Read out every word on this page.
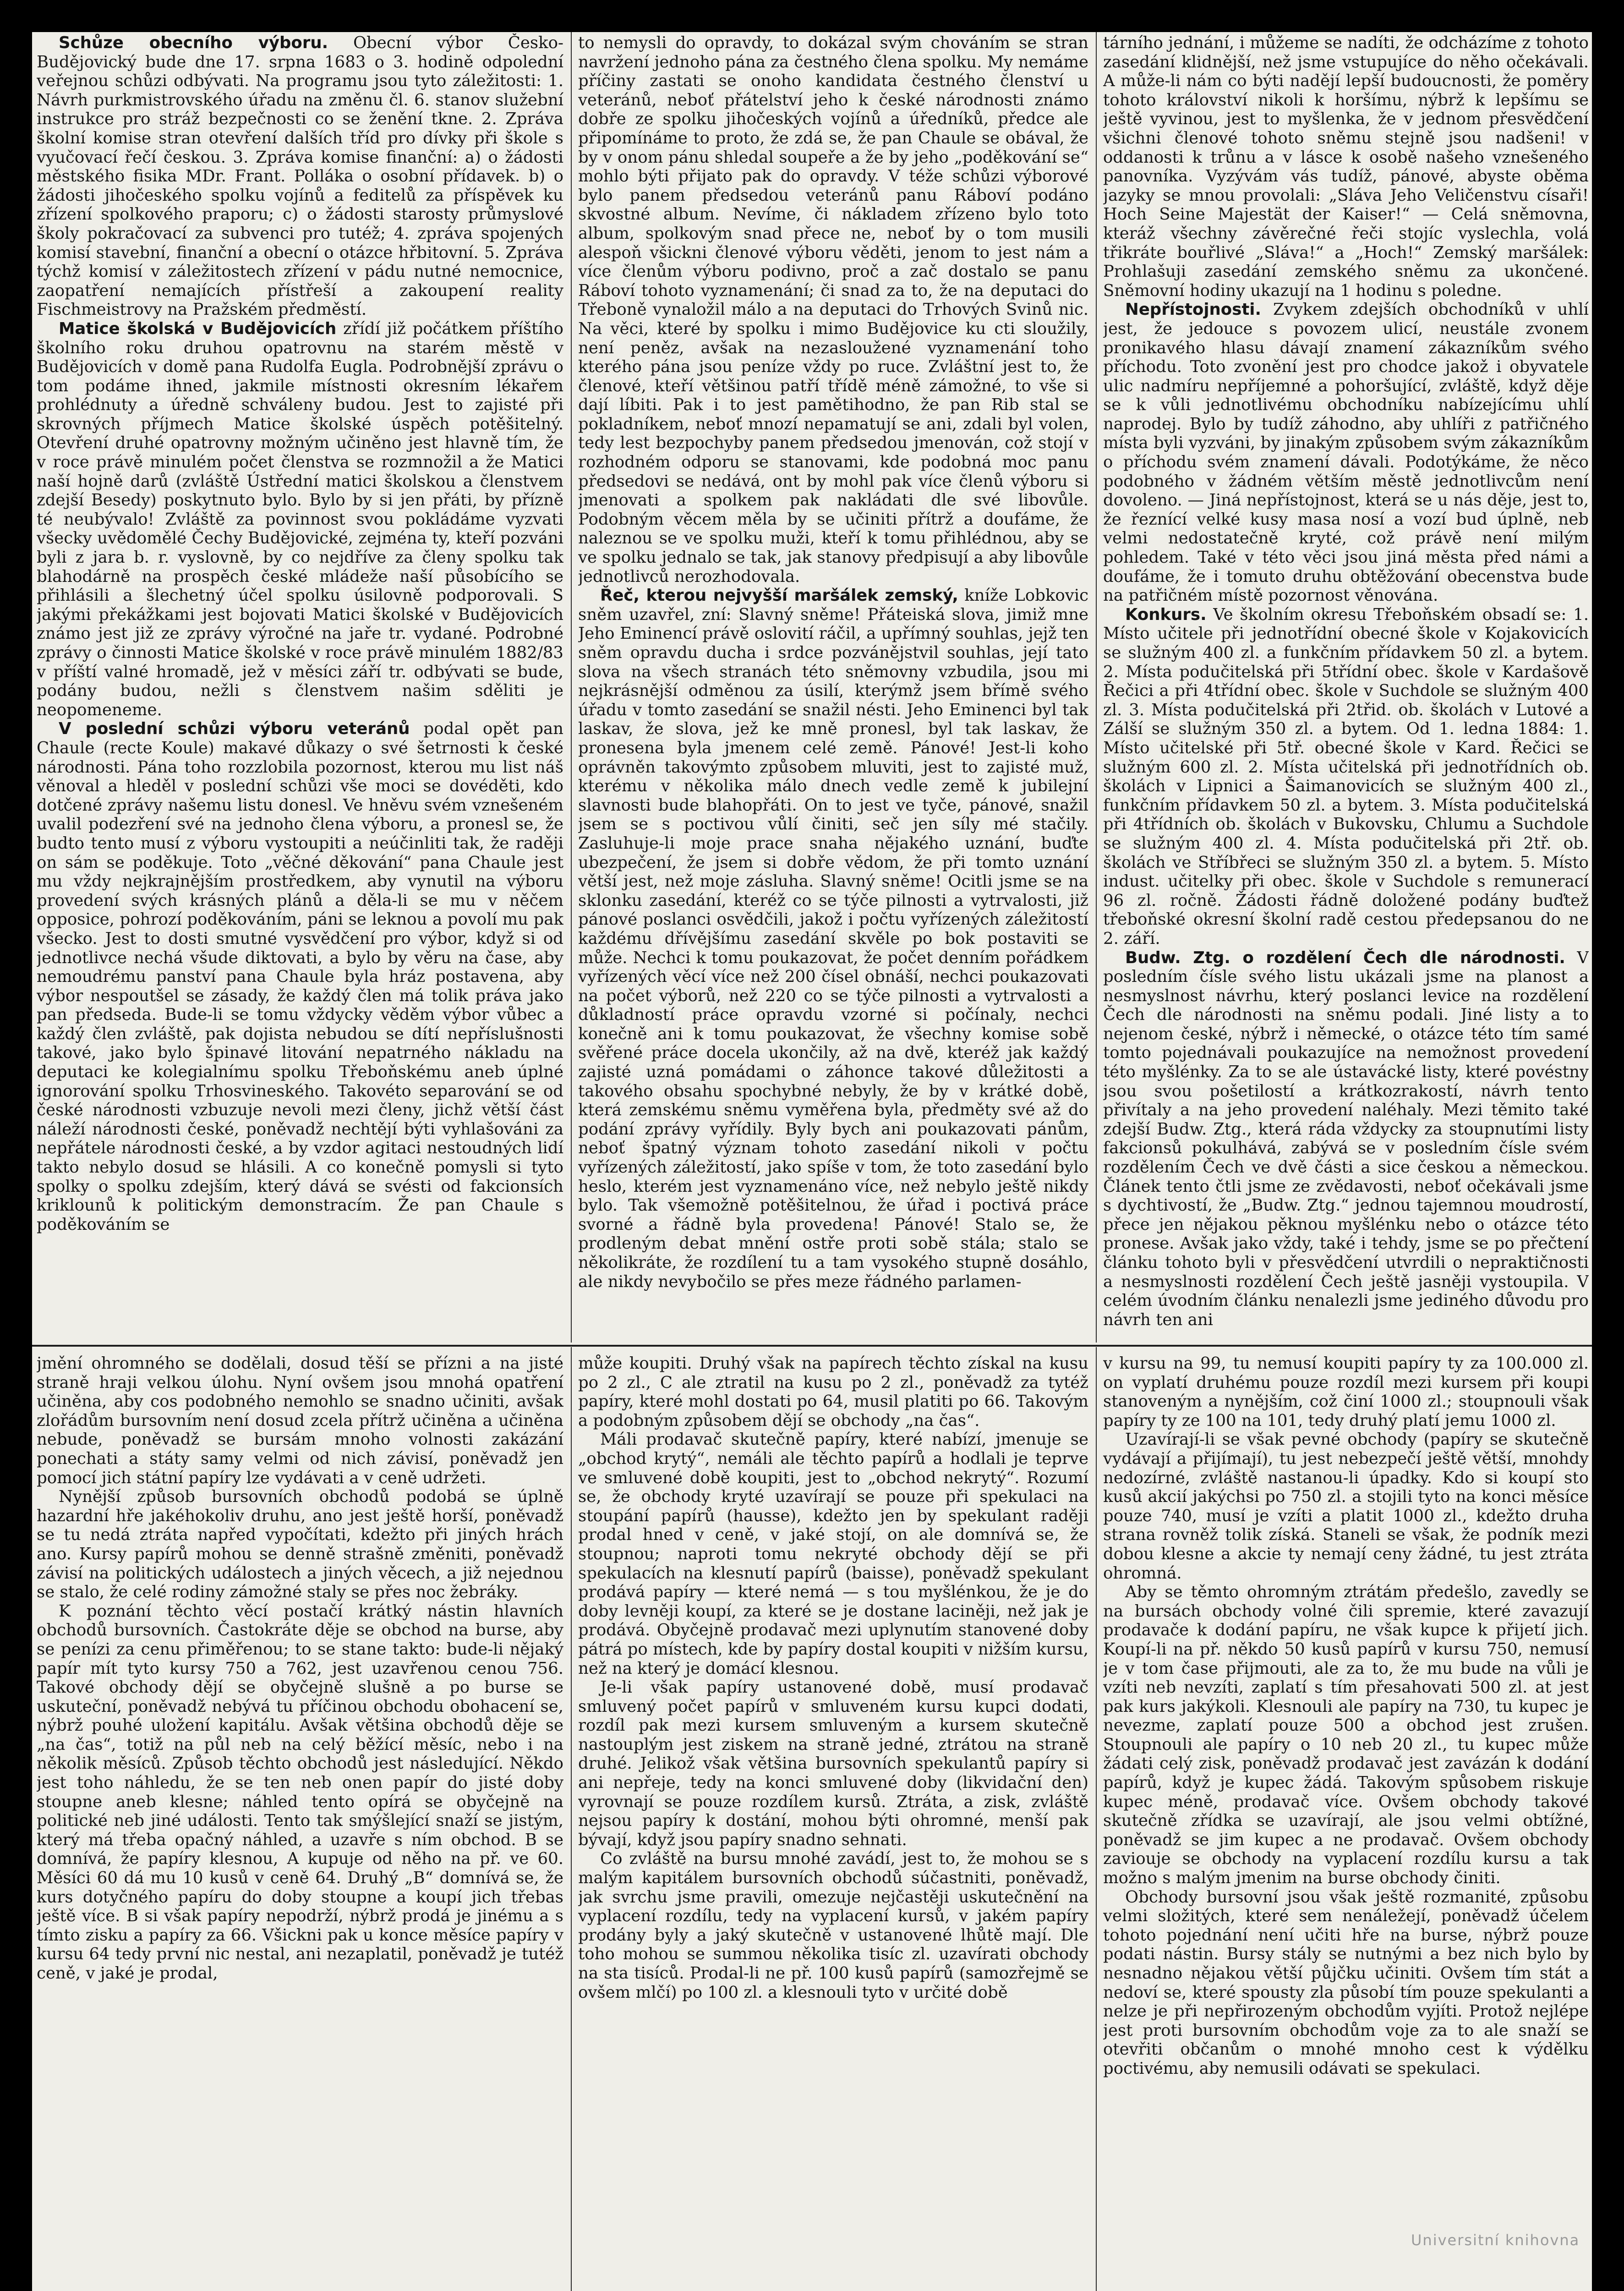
Schůze obecního výboru. Obecní výbor Česko-Budějovický bude dne 17. srpna 1683 o 3. hodině odpolední veřejnou schůzi odbývati. Na programu jsou tyto záležitosti: 1. Návrh purkmistrovského úřadu na změnu čl. 6. stanov služební instrukce pro stráž bezpečnosti co se ženění tkne. 2. Zpráva školní komise stran otevření dalších tříd pro dívky při škole s vyučovací řečí českou. 3. Zpráva komise finanční: a) o žádosti městského fisika MDr. Frant. Polláka o osobní přídavek. b) o žádosti jihočeského spolku vojínů a feditelů za příspěvek ku zřízení spolkového praporu; c) o žádosti starosty průmyslové školy pokračovací za subvenci pro tutéž; 4. zpráva spojených komisí stavební, finanční a obecní o otázce hřbitovní. 5. Zpráva týchž komisí v záležitostech zřízení v pádu nutné nemocnice, zaopatření nemajících přístřeší a zakoupení reality Fischmeistrovy na Pražském předměstí.

Matice školská v Budějovicích zřídí již počátkem příštího školního roku druhou opatrovnu na starém městě v Budějovicích v domě pana Rudolfa Eugla. Podrobnější zprávu o tom podáme ihned, jakmile místnosti okresním lékařem prohlédnuty a úředně schváleny budou. Jest to zajisté při skrovných příjmech Matice školské úspěch potěšitelný. Otevření druhé opatrovny možným učiněno jest hlavně tím, že v roce právě minulém počet členstva se rozmnožil a že Matici naší hojně darů (zvláště Ústřední matici školskou a členstvem zdejší Besedy) poskytnuto bylo. Bylo by si jen přáti, by přízně té neubývalo! Zvláště za povinnost svou pokládáme vyzvati všecky uvědomělé Čechy Budějovické, zejména ty, kteří pozváni byli z jara b. r. vyslovně, by co nejdříve za členy spolku tak blahodárně na prospěch české mládeže naší působícího se přihlásili a šlechetný účel spolku úsilovně podporovali. S jakými překážkami jest bojovati Matici školské v Budějovicích známo jest již ze zprávy výročné na jaře tr. vydané. Podrobné zprávy o činnosti Matice školské v roce právě minulém 1882/83 v příští valné hromadě, jež v měsíci září tr. odbývati se bude, podány budou, nežli s členstvem našim sděliti je neopomeneme.

V poslední schůzi výboru veteránů podal opět pan Chaule (recte Koule) makavé důkazy o své šetrnosti k české národnosti. Pána toho rozzlobila pozornost, kterou mu list náš věnoval a hleděl v poslední schůzi vše moci se dovéděti, kdo dotčené zprávy našemu listu donesl. Ve hněvu svém vznešeném uvalil podezření své na jednoho člena výboru, a pronesl se, že budto tento musí z výboru vystoupiti a neúčinliti tak, že raději on sám se poděkuje. Toto „věčné děkování“ pana Chaule jest mu vždy nejkrajnějším prostředkem, aby vynutil na výboru provedení svých krásných plánů a děla-li se mu v něčem opposice, pohrozí poděkováním, páni se leknou a povolí mu pak všecko. Jest to dosti smutné vysvědčení pro výbor, když si od jednotlivce nechá všude diktovati, a bylo by věru na čase, aby nemoudrému panství pana Chaule byla hráz postavena, aby výbor nespoutšel se zásady, že každý člen má tolik práva jako pan předseda. Bude-li se tomu vždycky věděm výbor vůbec a každý člen zvláště, pak dojista nebudou se dítí nepříslušnosti takové, jako bylo špinavé litování nepatrného nákladu na deputaci ke kolegialnímu spolku Třeboňskému aneb úplné ignorování spolku Trhosvineského. Takovéto separování se od české národnosti vzbuzuje nevoli mezi členy, jichž větší část náleží národnosti české, poněvadž nechtějí býti vyhlašováni za nepřátele národnosti české, a by vzdor agitaci nestoudných lidí takto nebylo dosud se hlásili. A co konečně pomysli si tyto spolky o spolku zdejším, který dává se svésti od fakcionsích kriklounů k politickým demonstracím. Že pan Chaule s poděkováním se

to nemysli do opravdy, to dokázal svým chováním se stran navržení jednoho pána za čestného člena spolku. My nemáme příčiny zastati se onoho kandidata čestného členství u veteránů, neboť přátelství jeho k české národnosti známo dobře ze spolku jihočeských vojínů a úředníků, předce ale připomínáme to proto, že zdá se, že pan Chaule se obával, že by v onom pánu shledal soupeře a že by jeho „poděkování se“ mohlo býti přijato pak do opravdy. V téže schůzi výborové bylo panem předsedou veteránů panu Ráboví podáno skvostné album. Nevíme, či nákladem zřízeno bylo toto album, spolkovým snad přece ne, neboť by o tom musili alespoň všickni členové výboru věděti, jenom to jest nám a více členům výboru podivno, proč a zač dostalo se panu Ráboví tohoto vyznamenání; či snad za to, že na deputaci do Třeboně vynaložil málo a na deputaci do Trhových Svinů nic. Na věci, které by spolku i mimo Budějovice ku cti sloužily, není peněz, avšak na nezasloužené vyznamenání toho kterého pána jsou peníze vždy po ruce. Zvláštní jest to, že členové, kteří většinou patří třídě méně zámožné, to vše si dají líbiti. Pak i to jest pamětihodno, že pan Rib stal se pokladníkem, neboť mnozí nepamatují se ani, zdali byl volen, tedy lest bezpochyby panem předsedou jmenován, což stojí v rozhodném odporu se stanovami, kde podobná moc panu předsedovi se nedává, ont by mohl pak více členů výboru si jmenovati a spolkem pak nakládati dle své libovůle. Podobným věcem měla by se učiniti přítrž a doufáme, že naleznou se ve spolku muži, kteří k tomu přihlédnou, aby se ve spolku jednalo se tak, jak stanovy předpisují a aby libovůle jednotlivců nerozhodovala.

Řeč, kterou nejvyšší maršálek zemský, kníže Lobkovic sněm uzavřel, zní: Slavný sněme! Přáteiská slova, jimiž mne Jeho Eminencí právě oslovití ráčil, a upřímný souhlas, jejž ten sněm opravdu ducha i srdce pozvánějstvil souhlas, její tato slova na všech stranách této sněmovny vzbudila, jsou mi nejkrásnější odměnou za úsilí, kterýmž jsem břímě svého úřadu v tomto zasedání se snažil nésti. Jeho Eminenci byl tak laskav, že slova, jež ke mně pronesl, byl tak laskav, že pronesena byla jmenem celé země. Pánové! Jest-li koho oprávněn takovýmto způsobem mluviti, jest to zajisté muž, kterému v několika málo dnech vedle země k jubilejní slavnosti bude blahopřáti. On to jest ve tyče, pánové, snažil jsem se s poctivou vůlí činiti, seč jen síly mé stačily. Zasluhuje-li moje prace snaha nějakého uznání, buďte ubezpečení, že jsem si dobře vědom, že při tomto uznání větší jest, než moje zásluha. Slavný sněme! Ocitli jsme se na sklonku zasedání, kteréž co se týče pilnosti a vytrvalosti, již pánové poslanci osvědčili, jakož i počtu vyřízených záležitostí každému dřívějšímu zasedání skvěle po bok postaviti se může. Nechci k tomu poukazovat, že počet denním pořádkem vyřízených věcí více než 200 čísel obnáší, nechci poukazovati na počet výborů, než 220 co se týče pilnosti a vytrvalosti a důkladností práce opravdu vzorné si počínaly, nechci konečně ani k tomu poukazovat, že všechny komise sobě svěřené práce docela ukončily, až na dvě, kteréž jak každý zajisté uzná pomádami o záhonce takové důležitosti a takového obsahu spochybné nebyly, že by v krátké době, která zemskému sněmu vyměřena byla, předměty své až do podání zprávy vyřídily. Byly bych ani poukazovati pánům, neboť špatný význam tohoto zasedání nikoli v počtu vyřízených záležitostí, jako spíše v tom, že toto zasedání bylo heslo, kterém jest vyznamenáno více, než nebylo ještě nikdy bylo. Tak všemožně potěšitelnou, že úřad i poctivá práce svorné a řádně byla provedena! Pánové! Stalo se, že prodleným debat mnění ostře proti sobě stála; stalo se několikráte, že rozdílení tu a tam vysokého stupně dosáhlo, ale nikdy nevybočilo se přes meze řádného parlamen-

tárního jednání, i můžeme se nadíti, že odcházíme z tohoto zasedání klidnější, než jsme vstupujíce do něho očekávali. A může-li nám co býti nadějí lepší budoucnosti, že poměry tohoto království nikoli k horšímu, nýbrž k lepšímu se ještě vyvinou, jest to myšlenka, že v jednom přesvědčení všichni členové tohoto sněmu stejně jsou nadšeni! v oddanosti k trůnu a v lásce k osobě našeho vznešeného panovníka. Vyzývám vás tudíž, pánové, abyste oběma jazyky se mnou provolali: „Sláva Jeho Veličenstvu císaři! Hoch Seine Majestät der Kaiser!“ — Celá sněmovna, kteráž všechny závěrečné řeči stojíc vyslechla, volá třikráte bouřlivé „Sláva!“ a „Hoch!“ Zemský maršálek: Prohlašuji zasedání zemského sněmu za ukončené. Sněmovní hodiny ukazují na 1 hodinu s poledne.

Nepřístojnosti. Zvykem zdejších obchodníků v uhlí jest, že jedouce s povozem ulicí, neustále zvonem pronikavého hlasu dávají znamení zákazníkům svého příchodu. Toto zvonění jest pro chodce jakož i obyvatele ulic nadmíru nepříjemné a pohoršující, zvláště, když děje se k vůli jednotlivému obchodníku nabízejícímu uhlí naprodej. Bylo by tudíž záhodno, aby uhlíři z patřičného místa byli vyzváni, by jinakým způsobem svým zákazníkům o příchodu svém znamení dávali. Podotýkáme, že něco podobného v žádném větším městě jednotlivcům není dovoleno. — Jiná nepřístojnost, která se u nás děje, jest to, že řeznící velké kusy masa nosí a vozí bud úplně, neb velmi nedostatečně kryté, což právě není milým pohledem. Také v této věci jsou jiná města před námi a doufáme, že i tomuto druhu obtěžování obecenstva bude na patřičném místě pozornost věnována.

Konkurs. Ve školním okresu Třeboňském obsadí se: 1. Místo učitele při jednotřídní obecné škole v Kojakovicích se služným 400 zl. a funkčním přídavkem 50 zl. a bytem. 2. Místa podučitelská při 5třídní obec. škole v Kardašově Řečici a při 4třídní obec. škole v Suchdole se služným 400 zl. 3. Místa podučitelská při 2třid. ob. školách v Lutové a Zálší se služným 350 zl. a bytem. Od 1. ledna 1884: 1. Místo učitelské při 5tř. obecné škole v Kard. Řečici se služným 600 zl. 2. Místa učitelská při jednotřídních ob. školách v Lipnici a Šaimanovicích se služným 400 zl., funkčním přídavkem 50 zl. a bytem. 3. Místa podučitelská při 4třídních ob. školách v Bukovsku, Chlumu a Suchdole se služným 400 zl. 4. Místa podučitelská při 2tř. ob. školách ve Stříbřeci se služným 350 zl. a bytem. 5. Místo indust. učitelky při obec. škole v Suchdole s remunerací 96 zl. ročně. Žádosti řádně doložené podány buďtež třeboňské okresní školní radě cestou předepsanou do ne 2. září.

Budw. Ztg. o rozdělení Čech dle národnosti. V posledním čísle svého listu ukázali jsme na planost a nesmyslnost návrhu, který poslanci levice na rozdělení Čech dle národnosti na sněmu podali. Jiné listy a to nejenom české, nýbrž i německé, o otázce této tím samé tomto pojednávali poukazujíce na nemožnost provedení této myšlénky. Za to se ale ústavácké listy, které povéstny jsou svou pošetilostí a krátkozrakostí, návrh tento přivítaly a na jeho provedení naléhaly. Mezi těmito také zdejší Budw. Ztg., která ráda vždycky za stoupnutími listy fakcionsů pokulhává, zabývá se v posledním čísle svém rozdělením Čech ve dvě části a sice českou a německou. Článek tento čtli jsme ze zvědavosti, neboť očekávali jsme s dychtivostí, že „Budw. Ztg.“ jednou tajemnou moudrostí, přece jen nějakou pěknou myšlénku nebo o otázce této pronese. Avšak jako vždy, také i tehdy, jsme se po přečtení článku tohoto byli v přesvědčení utvrdili o nepraktičnosti a nesmyslnosti rozdělení Čech ještě jasněji vystoupila. V celém úvodním článku nenalezli jsme jediného důvodu pro návrh ten ani

jmění ohromného se dodělali, dosud těší se přízni a na jisté straně hraji velkou úlohu. Nyní ovšem jsou mnohá opatření učiněna, aby cos podobného nemohlo se snadno učiniti, avšak zlořádům bursovním není dosud zcela přítrž učiněna a učiněna nebude, poněvadž se bursám mnoho volnosti zakázání ponechati a státy samy velmi od nich závisí, poněvadž jen pomocí jich státní papíry lze vydávati a v ceně udržeti.

Nynější způsob bursovních obchodů podobá se úplně hazardní hře jakéhokoliv druhu, ano jest ještě horší, poněvadž se tu nedá ztráta napřed vypočítati, kdežto při jiných hrách ano. Kursy papírů mohou se denně strašně změniti, poněvadž závisí na politických událostech a jiných věcech, a již nejednou se stalo, že celé rodiny zámožné staly se přes noc žebráky.

K poznání těchto věcí postačí krátký nástin hlavních obchodů bursovních. Častokráte děje se obchod na burse, aby se penízi za cenu přiměřenou; to se stane takto: bude-li nějaký papír mít tyto kursy 750 a 762, jest uzavřenou cenou 756. Takové obchody dějí se obyčejně slušně a po burse se uskuteční, poněvadž nebývá tu příčinou obchodu obohacení se, nýbrž pouhé uložení kapitálu. Avšak většina obchodů děje se „na čas“, totiž na půl neb na celý běžící měsíc, nebo i na několik měsíců. Způsob těchto obchodů jest následující. Někdo jest toho náhledu, že se ten neb onen papír do jisté doby stoupne aneb klesne; náhled tento opírá se obyčejně na politické neb jiné události. Tento tak smýšlející snaží se jistým, který má třeba opačný náhled, a uzavře s ním obchod. B se domnívá, že papíry klesnou, A kupuje od něho na př. ve 60. Měsíci 60 dá mu 10 kusů v ceně 64. Druhý „B“ domnívá se, že kurs dotyčného papíru do doby stoupne a koupí jich třebas ještě více. B si však papíry nepodrží, nýbrž prodá je jinému a s tímto zisku a papíry za 66. Všickni pak u konce měsíce papíry v kursu 64 tedy první nic nestal, ani nezaplatil, poněvadž je tutéž ceně, v jaké je prodal,

může koupiti. Druhý však na papírech těchto získal na kusu po 2 zl., C ale ztratil na kusu po 2 zl., poněvadž za tytéž papíry, které mohl dostati po 64, musil platiti po 66. Takovým a podobným způsobem dějí se obchody „na čas“.

Máli prodavač skutečně papíry, které nabízí, jmenuje se „obchod krytý“, nemáli ale těchto papírů a hodlali je teprve ve smluvené době koupiti, jest to „obchod nekrytý“. Rozumí se, že obchody kryté uzavírají se pouze při spekulaci na stoupání papírů (hausse), kdežto jen by spekulant raději prodal hned v ceně, v jaké stojí, on ale domnívá se, že stoupnou; naproti tomu nekryté obchody dějí se při spekulacích na klesnutí papírů (baisse), poněvadž spekulant prodává papíry — které nemá — s tou myšlénkou, že je do doby levněji koupí, za které se je dostane laciněji, než jak je prodává. Obyčejně prodavač mezi uplynutím stanovené doby pátrá po místech, kde by papíry dostal koupiti v nižším kursu, než na který je domácí klesnou.

Je-li však papíry ustanovené době, musí prodavač smluvený počet papírů v smluveném kursu kupci dodati, rozdíl pak mezi kursem smluveným a kursem skutečně nastouplým jest ziskem na straně jedné, ztrátou na straně druhé. Jelikož však většina bursovních spekulantů papíry si ani nepřeje, tedy na konci smluvené doby (likvidační den) vyrovnají se pouze rozdílem kursů. Ztráta, a zisk, zvláště nejsou papíry k dostání, mohou býti ohromné, menší pak bývají, když jsou papíry snadno sehnati.

Co zvláště na bursu mnohé zavádí, jest to, že mohou se s malým kapitálem bursovních obchodů súčastniti, poněvadž, jak svrchu jsme pravili, omezuje nejčastěji uskutečnění na vyplacení rozdílu, tedy na vyplacení kursů, v jakém papíry prodány byly a jaký skutečně v ustanovené lhůtě mají. Dle toho mohou se summou několika tisíc zl. uzavírati obchody na sta tisíců. Prodal-li ne př. 100 kusů papírů (samozřejmě se ovšem mlčí) po 100 zl. a klesnouli tyto v určité době

v kursu na 99, tu nemusí koupiti papíry ty za 100.000 zl. on vyplatí druhému pouze rozdíl mezi kursem při koupi stanoveným a nynějším, což činí 1000 zl.; stoupnouli však papíry ty ze 100 na 101, tedy druhý platí jemu 1000 zl.

Uzavírají-li se však pevné obchody (papíry se skutečně vydávají a přijímají), tu jest nebezpečí ještě větší, mnohdy nedozírné, zvláště nastanou-li úpadky. Kdo si koupí sto kusů akcií jakýchsi po 750 zl. a stojili tyto na konci měsíce pouze 740, musí je vzíti a platit 1000 zl., kdežto druha strana rovněž tolik získá. Staneli se však, že podník mezi dobou klesne a akcie ty nemají ceny žádné, tu jest ztráta ohromná.

Aby se těmto ohromným ztrátám předešlo, zavedly se na bursách obchody volné čili spremie, které zavazují prodavače k dodání papíru, ne však kupce k přijetí jich. Koupí-li na př. někdo 50 kusů papírů v kursu 750, nemusí je v tom čase přijmouti, ale za to, že mu bude na vůli je vzíti neb nevzíti, zaplatí s tím přesahovati 500 zl. at jest pak kurs jakýkoli. Klesnouli ale papíry na 730, tu kupec je nevezme, zaplatí pouze 500 a obchod jest zrušen. Stoupnouli ale papíry o 10 neb 20 zl., tu kupec může žádati celý zisk, poněvadž prodavač jest zavázán k dodání papírů, když je kupec žádá. Takovým spůsobem riskuje kupec méně, prodavač více. Ovšem obchody takové skutečně zřídka se uzavírají, ale jsou velmi obtížné, poněvadž se jim kupec a ne prodavač. Ovšem obchody zaviouje se obchody na vyplacení rozdílu kursu a tak možno s malým jmenim na burse obchody činiti.

Obchody bursovní jsou však ještě rozmanité, způsobu velmi složitých, které sem nenáležejí, poněvadž účelem tohoto pojednání není učiti hře na burse, nýbrž pouze podati nástin. Bursy stály se nutnými a bez nich bylo by nesnadno nějakou větší půjčku učiniti. Ovšem tím stát a nedoví se, které spousty zla působí tím pouze spekulanti a nelze je při nepřirozeným obchodům vyjíti. Protož nejlépe jest proti bursovním obchodům voje za to ale snaží se otevřiti občanům o mnohé mnoho cest k výdělku poctivému, aby nemusili odávati se spekulaci.

Universitní knihovna
